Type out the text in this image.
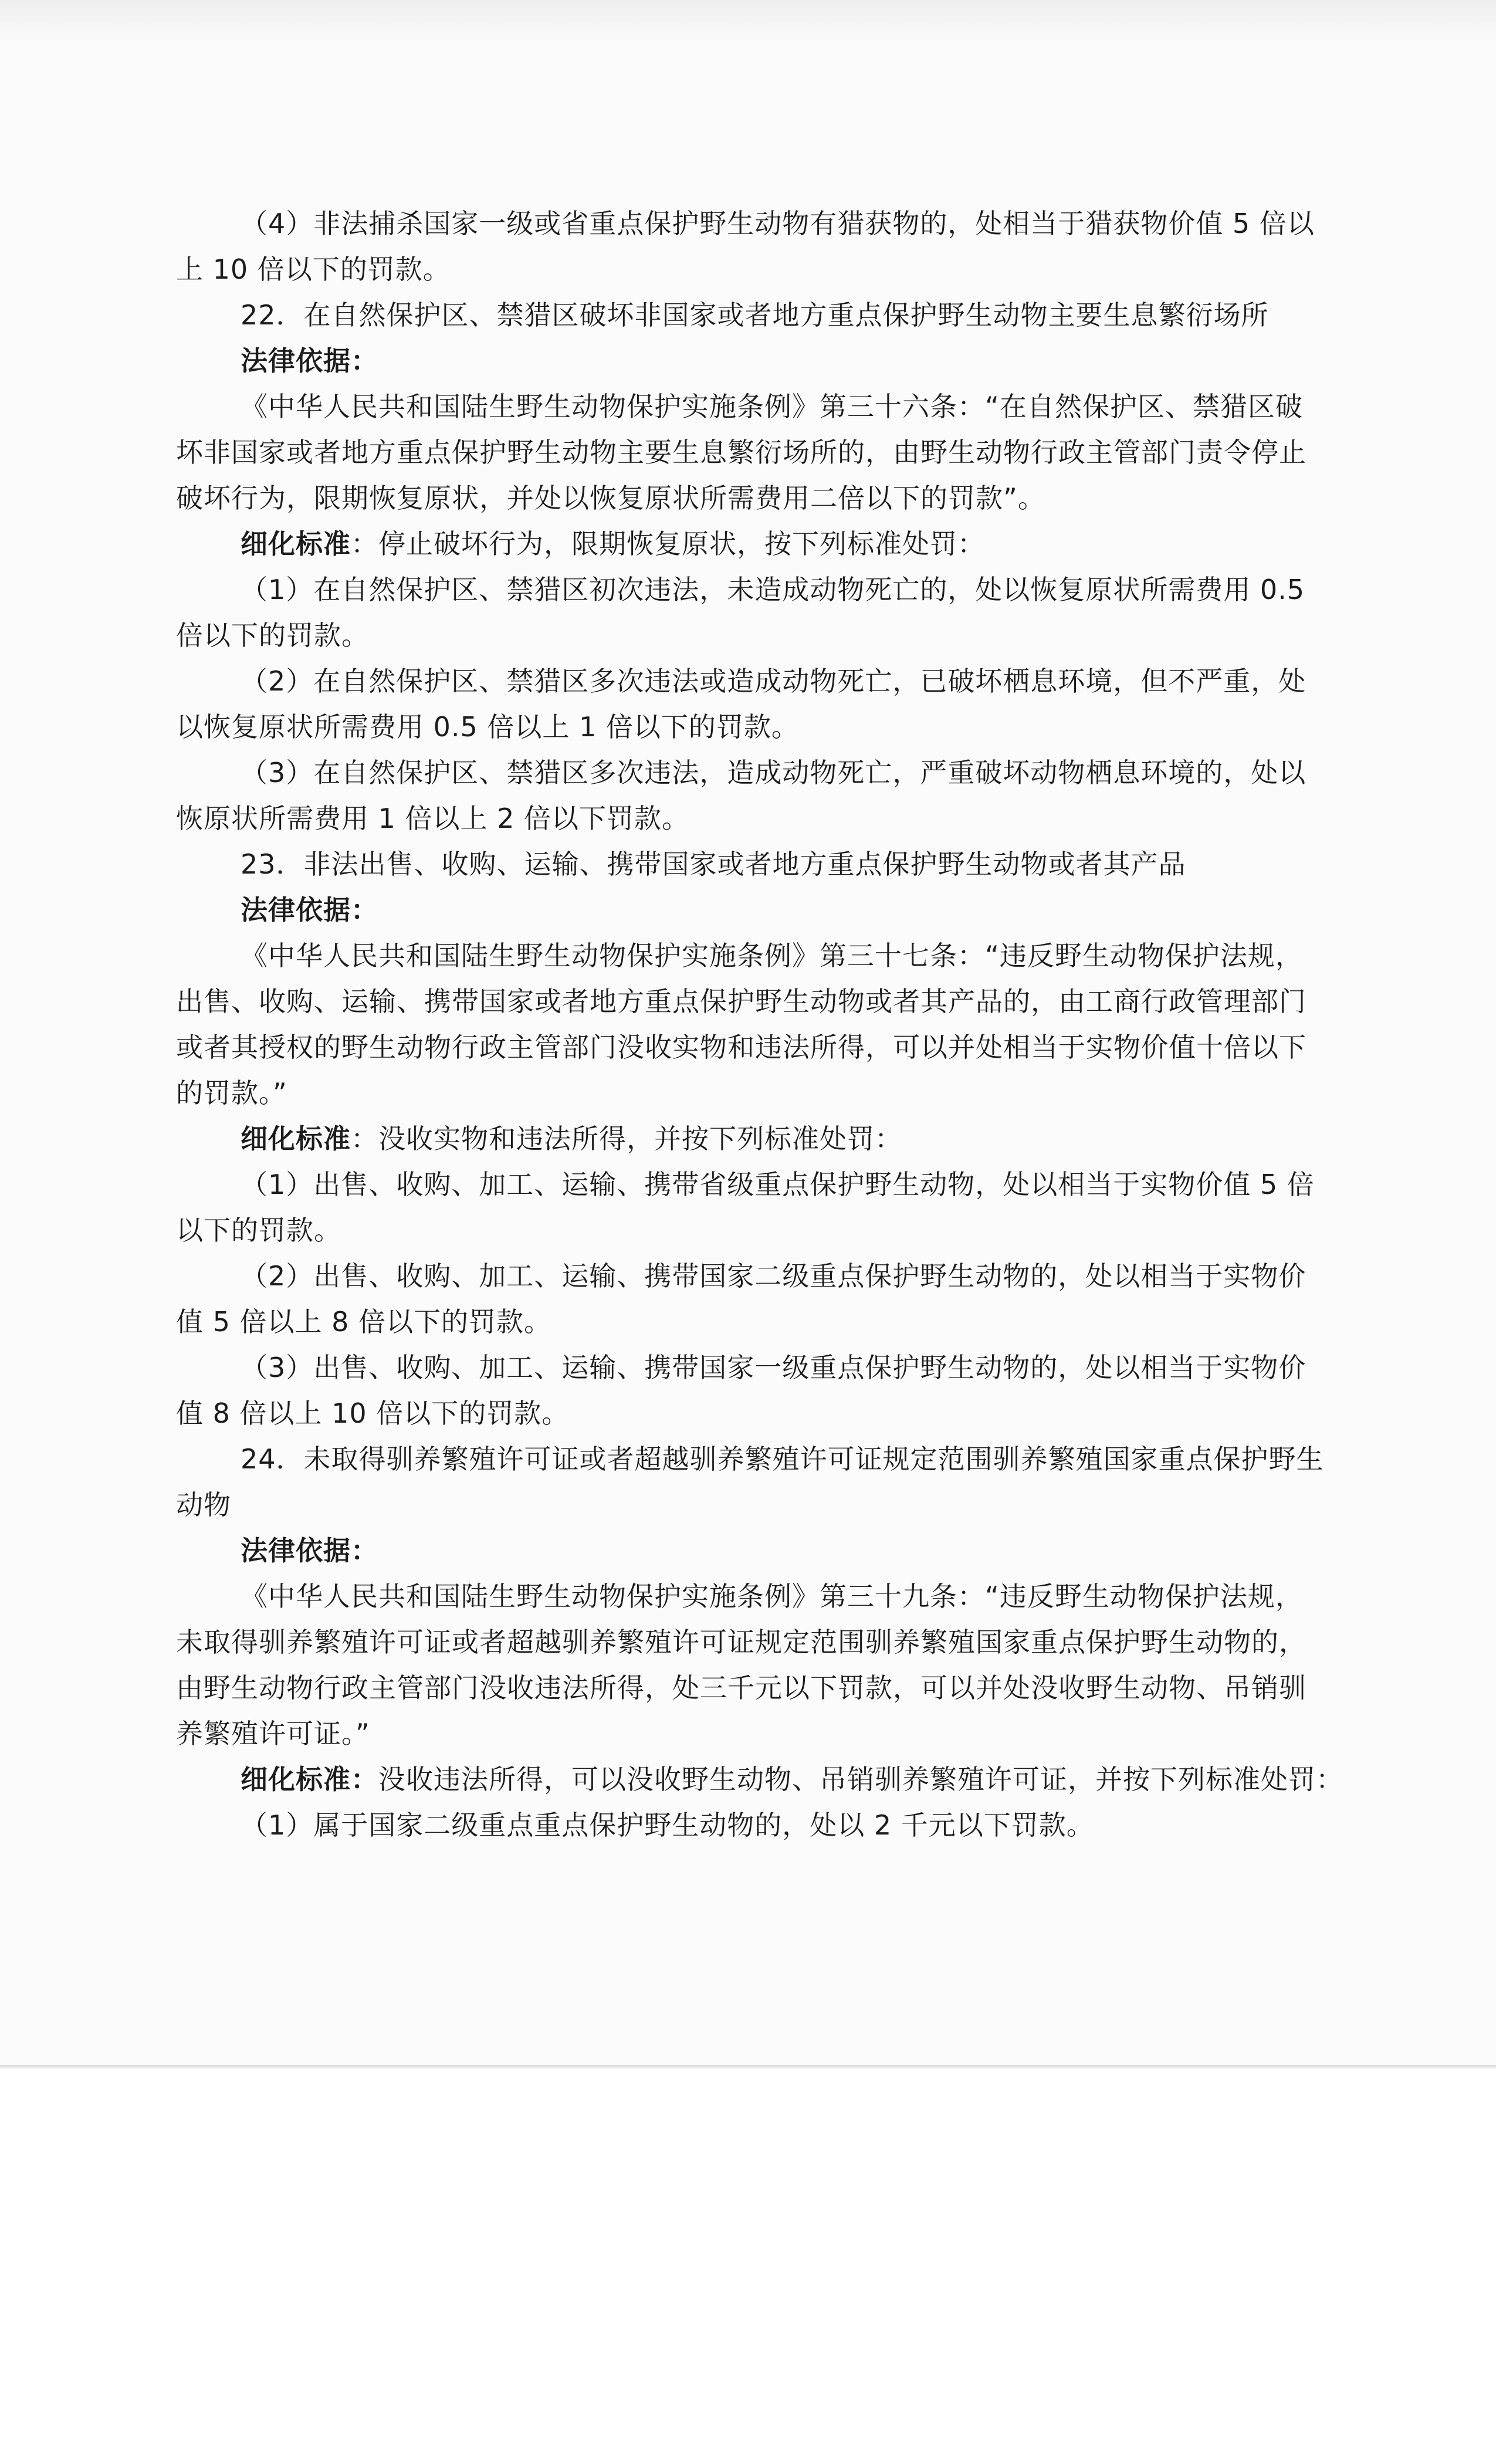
（4）非法捕杀国家一级或省重点保护野生动物有猎获物的，处相当于猎获物价值 5 倍以
上 10 倍以下的罚款。
22．在自然保护区、禁猎区破坏非国家或者地方重点保护野生动物主要生息繁衍场所
法律依据：
《中华人民共和国陆生野生动物保护实施条例》第三十六条：“在自然保护区、禁猎区破
坏非国家或者地方重点保护野生动物主要生息繁衍场所的，由野生动物行政主管部门责令停止
破坏行为，限期恢复原状，并处以恢复原状所需费用二倍以下的罚款”。
细化标准：停止破坏行为，限期恢复原状，按下列标准处罚：
（1）在自然保护区、禁猎区初次违法，未造成动物死亡的，处以恢复原状所需费用 0.5
倍以下的罚款。
（2）在自然保护区、禁猎区多次违法或造成动物死亡，已破坏栖息环境，但不严重，处
以恢复原状所需费用 0.5 倍以上 1 倍以下的罚款。
（3）在自然保护区、禁猎区多次违法，造成动物死亡，严重破坏动物栖息环境的，处以
恢原状所需费用 1 倍以上 2 倍以下罚款。
23．非法出售、收购、运输、携带国家或者地方重点保护野生动物或者其产品
法律依据：
《中华人民共和国陆生野生动物保护实施条例》第三十七条：“违反野生动物保护法规，
出售、收购、运输、携带国家或者地方重点保护野生动物或者其产品的，由工商行政管理部门
或者其授权的野生动物行政主管部门没收实物和违法所得，可以并处相当于实物价值十倍以下
的罚款。”
细化标准：没收实物和违法所得，并按下列标准处罚：
（1）出售、收购、加工、运输、携带省级重点保护野生动物，处以相当于实物价值 5 倍
以下的罚款。
（2）出售、收购、加工、运输、携带国家二级重点保护野生动物的，处以相当于实物价
值 5 倍以上 8 倍以下的罚款。
（3）出售、收购、加工、运输、携带国家一级重点保护野生动物的，处以相当于实物价
值 8 倍以上 10 倍以下的罚款。
24．未取得驯养繁殖许可证或者超越驯养繁殖许可证规定范围驯养繁殖国家重点保护野生
动物
法律依据：
《中华人民共和国陆生野生动物保护实施条例》第三十九条：“违反野生动物保护法规，
未取得驯养繁殖许可证或者超越驯养繁殖许可证规定范围驯养繁殖国家重点保护野生动物的，
由野生动物行政主管部门没收违法所得，处三千元以下罚款，可以并处没收野生动物、吊销驯
养繁殖许可证。”
细化标准：没收违法所得，可以没收野生动物、吊销驯养繁殖许可证，并按下列标准处罚：
（1）属于国家二级重点重点保护野生动物的，处以 2 千元以下罚款。
